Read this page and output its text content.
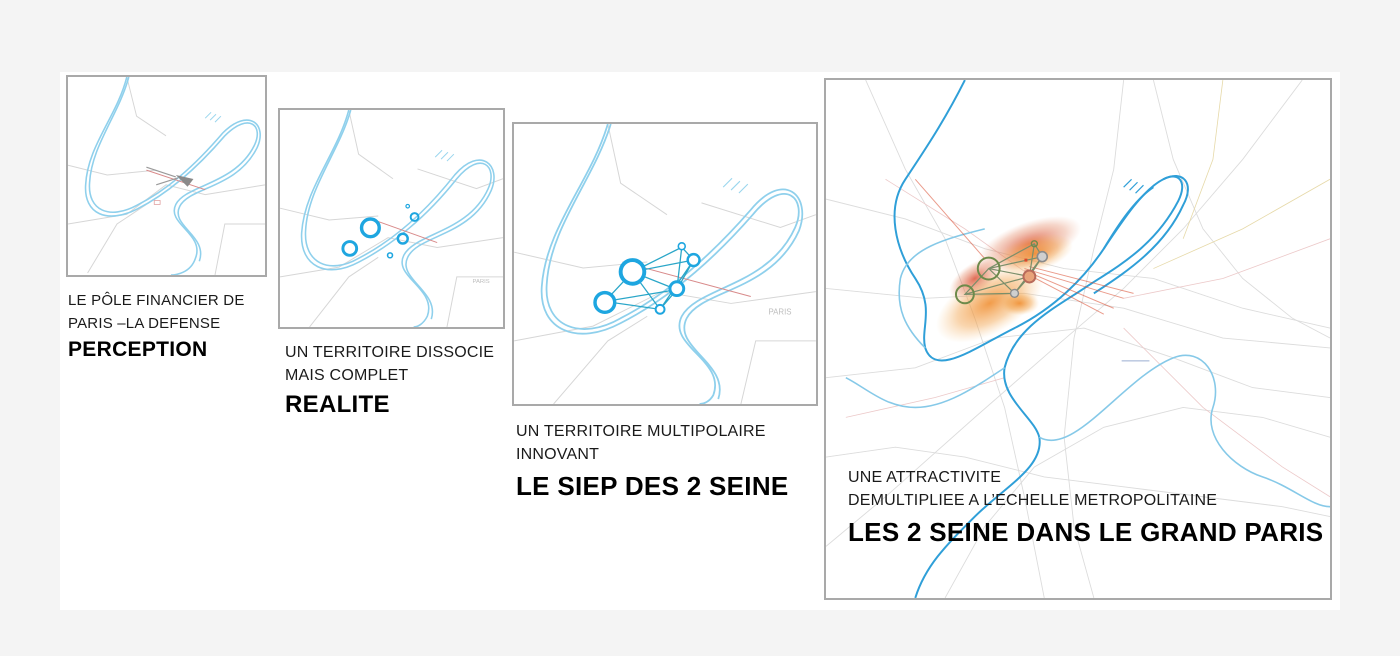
LE PÔLE FINANCIER DE
PARIS –LA DEFENSE
PERCEPTION
PARIS
UN TERRITOIRE DISSOCIE
MAIS COMPLET
REALITE
PARIS
UN TERRITOIRE MULTIPOLAIRE
INNOVANT
LE SIEP DES 2 SEINE	UNE ATTRACTIVITE
DEMULTIPLIEE A L’ECHELLE METROPOLITAINE
LES 2 SEINE DANS LE GRAND PARIS
